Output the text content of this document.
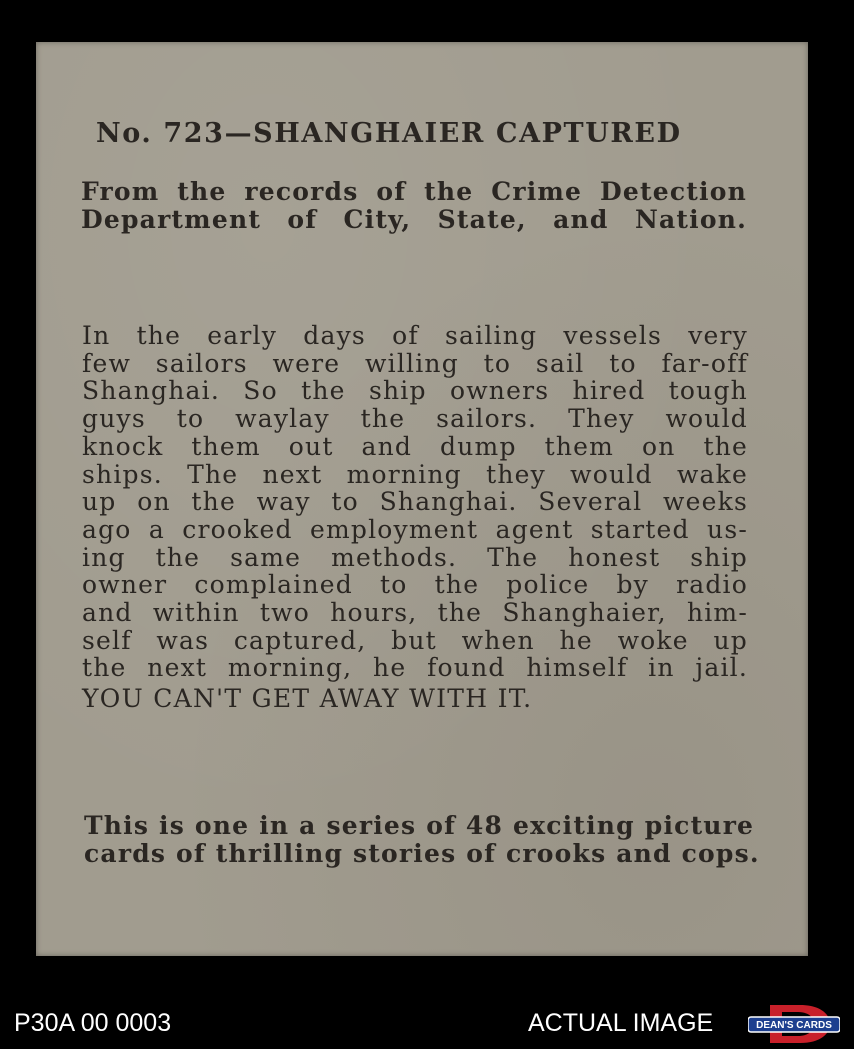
No. 723—SHANGHAIER CAPTURED
From the records of the Crime Detection
Department of City, State, and Nation.
In the early days of sailing vessels very
few sailors were willing to sail to far-off
Shanghai. So the ship owners hired tough
guys to waylay the sailors. They would
knock them out and dump them on the
ships. The next morning they would wake
up on the way to Shanghai. Several weeks
ago a crooked employment agent started us-
ing the same methods. The honest ship
owner complained to the police by radio
and within two hours, the Shanghaier, him-
self was captured, but when he woke up
the next morning, he found himself in jail.
YOU CAN'T GET AWAY WITH IT.
This is one in a series of 48 exciting picture
cards of thrilling stories of crooks and cops.
P30A 00 0003	ACTUAL IMAGE	DEAN'S CARDS
